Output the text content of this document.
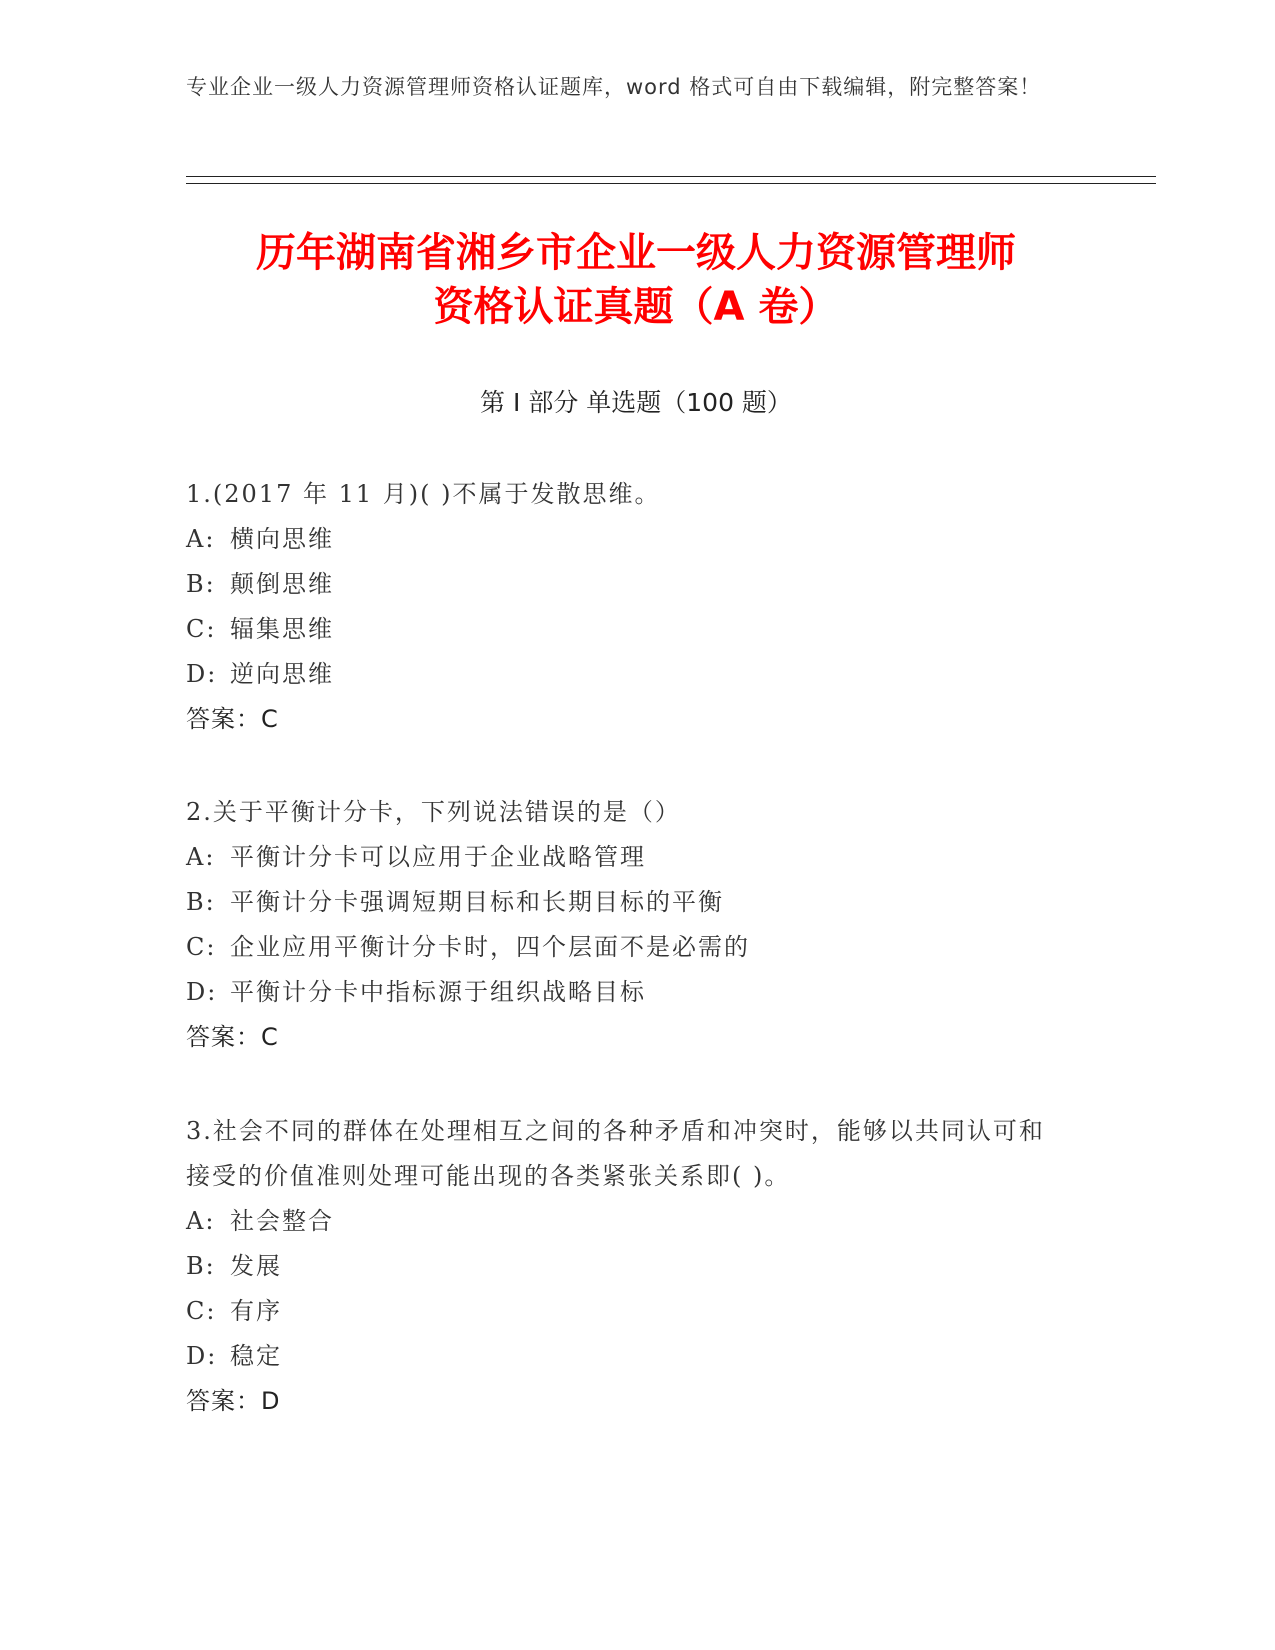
专业企业一级人力资源管理师资格认证题库，word 格式可自由下载编辑，附完整答案！
历年湖南省湘乡市企业一级人力资源管理师
资格认证真题（A 卷）
第 I 部分 单选题（100 题）

1.(2017 年 11 月)( )不属于发散思维。

A: 横向思维

B: 颠倒思维

C: 辐集思维

D: 逆向思维

答案：C

2.关于平衡计分卡，下列说法错误的是（）

A: 平衡计分卡可以应用于企业战略管理

B: 平衡计分卡强调短期目标和长期目标的平衡

C: 企业应用平衡计分卡时，四个层面不是必需的

D: 平衡计分卡中指标源于组织战略目标

答案：C

3.社会不同的群体在处理相互之间的各种矛盾和冲突时，能够以共同认可和接受的价值准则处理可能出现的各类紧张关系即( )。

A: 社会整合

B: 发展

C: 有序

D: 稳定

答案：D
